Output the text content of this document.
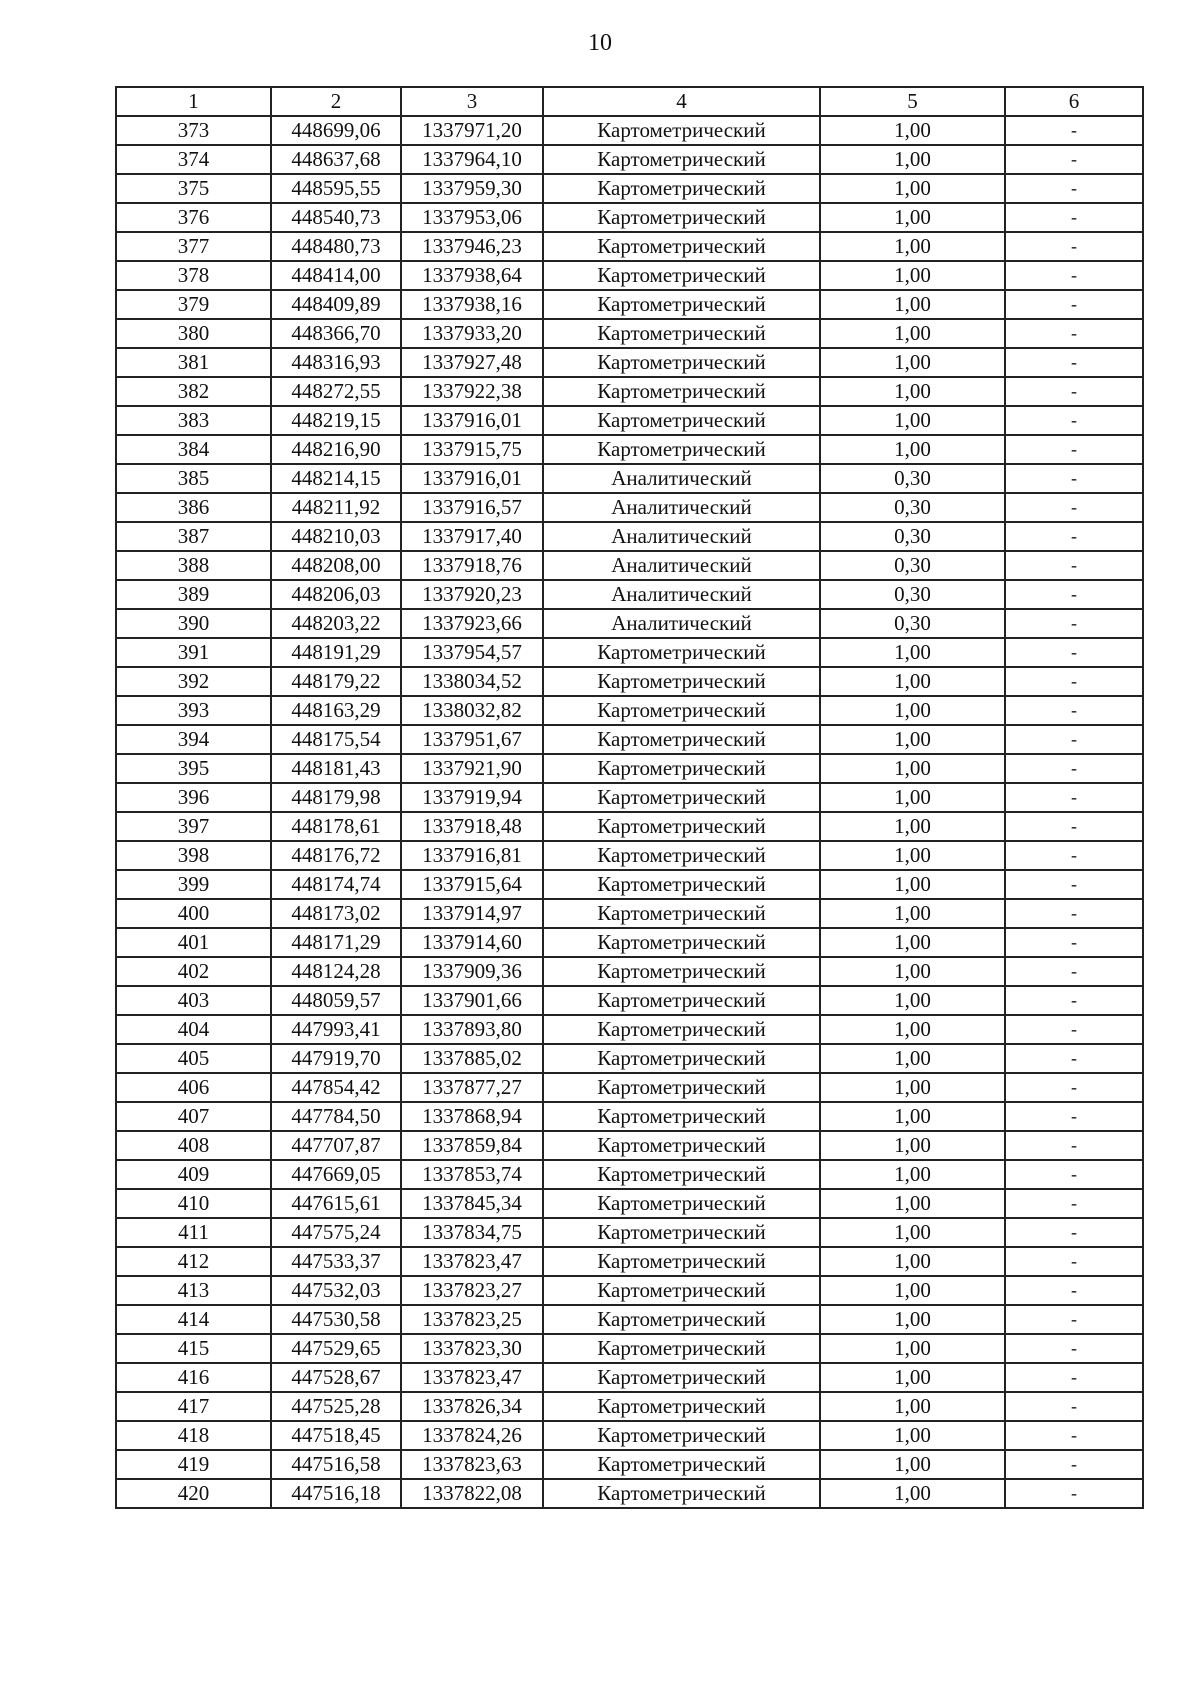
10
1	2	3	4	5	6
373	448699,06	1337971,20	Картометрический	1,00	-
374	448637,68	1337964,10	Картометрический	1,00	-
375	448595,55	1337959,30	Картометрический	1,00	-
376	448540,73	1337953,06	Картометрический	1,00	-
377	448480,73	1337946,23	Картометрический	1,00	-
378	448414,00	1337938,64	Картометрический	1,00	-
379	448409,89	1337938,16	Картометрический	1,00	-
380	448366,70	1337933,20	Картометрический	1,00	-
381	448316,93	1337927,48	Картометрический	1,00	-
382	448272,55	1337922,38	Картометрический	1,00	-
383	448219,15	1337916,01	Картометрический	1,00	-
384	448216,90	1337915,75	Картометрический	1,00	-
385	448214,15	1337916,01	Аналитический	0,30	-
386	448211,92	1337916,57	Аналитический	0,30	-
387	448210,03	1337917,40	Аналитический	0,30	-
388	448208,00	1337918,76	Аналитический	0,30	-
389	448206,03	1337920,23	Аналитический	0,30	-
390	448203,22	1337923,66	Аналитический	0,30	-
391	448191,29	1337954,57	Картометрический	1,00	-
392	448179,22	1338034,52	Картометрический	1,00	-
393	448163,29	1338032,82	Картометрический	1,00	-
394	448175,54	1337951,67	Картометрический	1,00	-
395	448181,43	1337921,90	Картометрический	1,00	-
396	448179,98	1337919,94	Картометрический	1,00	-
397	448178,61	1337918,48	Картометрический	1,00	-
398	448176,72	1337916,81	Картометрический	1,00	-
399	448174,74	1337915,64	Картометрический	1,00	-
400	448173,02	1337914,97	Картометрический	1,00	-
401	448171,29	1337914,60	Картометрический	1,00	-
402	448124,28	1337909,36	Картометрический	1,00	-
403	448059,57	1337901,66	Картометрический	1,00	-
404	447993,41	1337893,80	Картометрический	1,00	-
405	447919,70	1337885,02	Картометрический	1,00	-
406	447854,42	1337877,27	Картометрический	1,00	-
407	447784,50	1337868,94	Картометрический	1,00	-
408	447707,87	1337859,84	Картометрический	1,00	-
409	447669,05	1337853,74	Картометрический	1,00	-
410	447615,61	1337845,34	Картометрический	1,00	-
411	447575,24	1337834,75	Картометрический	1,00	-
412	447533,37	1337823,47	Картометрический	1,00	-
413	447532,03	1337823,27	Картометрический	1,00	-
414	447530,58	1337823,25	Картометрический	1,00	-
415	447529,65	1337823,30	Картометрический	1,00	-
416	447528,67	1337823,47	Картометрический	1,00	-
417	447525,28	1337826,34	Картометрический	1,00	-
418	447518,45	1337824,26	Картометрический	1,00	-
419	447516,58	1337823,63	Картометрический	1,00	-
420	447516,18	1337822,08	Картометрический	1,00	-
